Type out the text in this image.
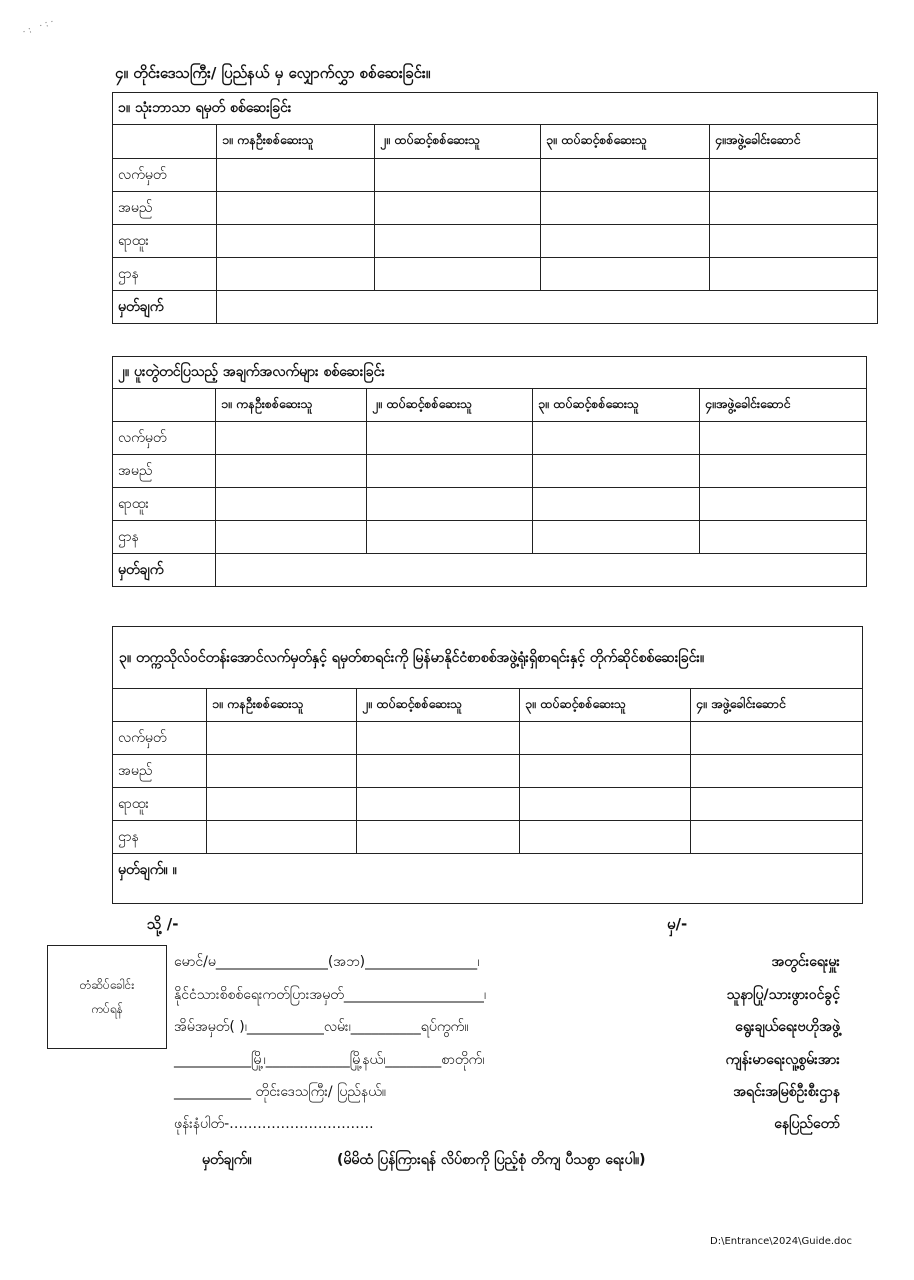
·: ·:·
၄။ တိုင်းဒေသကြီး/ ပြည်နယ် မှ လျှောက်လွှာ စစ်ဆေးခြင်း။
၁။ သုံးဘာသာ ရမှတ် စစ်ဆေးခြင်း				
	၁။ ကနဦးစစ်ဆေးသူ	၂။ ထပ်ဆင့်စစ်ဆေးသူ	၃။ ထပ်ဆင့်စစ်ဆေးသူ	၄။အဖွဲ့ခေါင်းဆောင်
လက်မှတ်				
အမည်				
ရာထူး				
ဌာန				
မှတ်ချက်				
၂။ ပူးတွဲတင်ပြသည့် အချက်အလက်များ စစ်ဆေးခြင်း				
	၁။ ကနဦးစစ်ဆေးသူ	၂။ ထပ်ဆင့်စစ်ဆေးသူ	၃။ ထပ်ဆင့်စစ်ဆေးသူ	၄။အဖွဲ့ခေါင်းဆောင်
လက်မှတ်				
အမည်				
ရာထူး				
ဌာန				
မှတ်ချက်				
၃။ တက္ကသိုလ်ဝင်တန်းအောင်လက်မှတ်နှင့် ရမှတ်စာရင်းကို မြန်မာနိုင်ငံစာစစ်အဖွဲ့ရုံးရှိစာရင်းနှင့် တိုက်ဆိုင်စစ်ဆေးခြင်း။				
	၁။ ကနဦးစစ်ဆေးသူ	၂။ ထပ်ဆင့်စစ်ဆေးသူ	၃။ ထပ်ဆင့်စစ်ဆေးသူ	၄။ အဖွဲ့ခေါင်းဆောင်
လက်မှတ်				
အမည်				
ရာထူး				
ဌာန				
မှတ်ချက်။ ။				
သို့ /-	မှ/-
တံဆိပ်ခေါင်း
ကပ်ရန်
မောင်/မ________________(အဘ)________________၊
နိုင်ငံသားစိစစ်ရေးကတ်ပြားအမှတ်____________________၊
အိမ်အမှတ်( )၊___________လမ်း၊__________ရပ်ကွက်။
___________မြို့၊____________မြို့နယ်၊________စာတိုက်၊
___________ တိုင်းဒေသကြီး/ ပြည်နယ်။
ဖုန်းနံပါတ်-………………………….
အတွင်းရေးမှူး
သူနာပြု/သားဖွားဝင်ခွင့်
ရွေးချယ်ရေးဗဟိုအဖွဲ့
ကျန်းမာရေးလူ့စွမ်းအား
အရင်းအမြစ်ဦးစီးဌာန
နေပြည်တော်
မှတ်ချက်။	(မိမိထံ ပြန်ကြားရန် လိပ်စာကို ပြည့်စုံ တိကျ ပီသစွာ ရေးပါ။)
D:\Entrance\2024\Guide.doc
